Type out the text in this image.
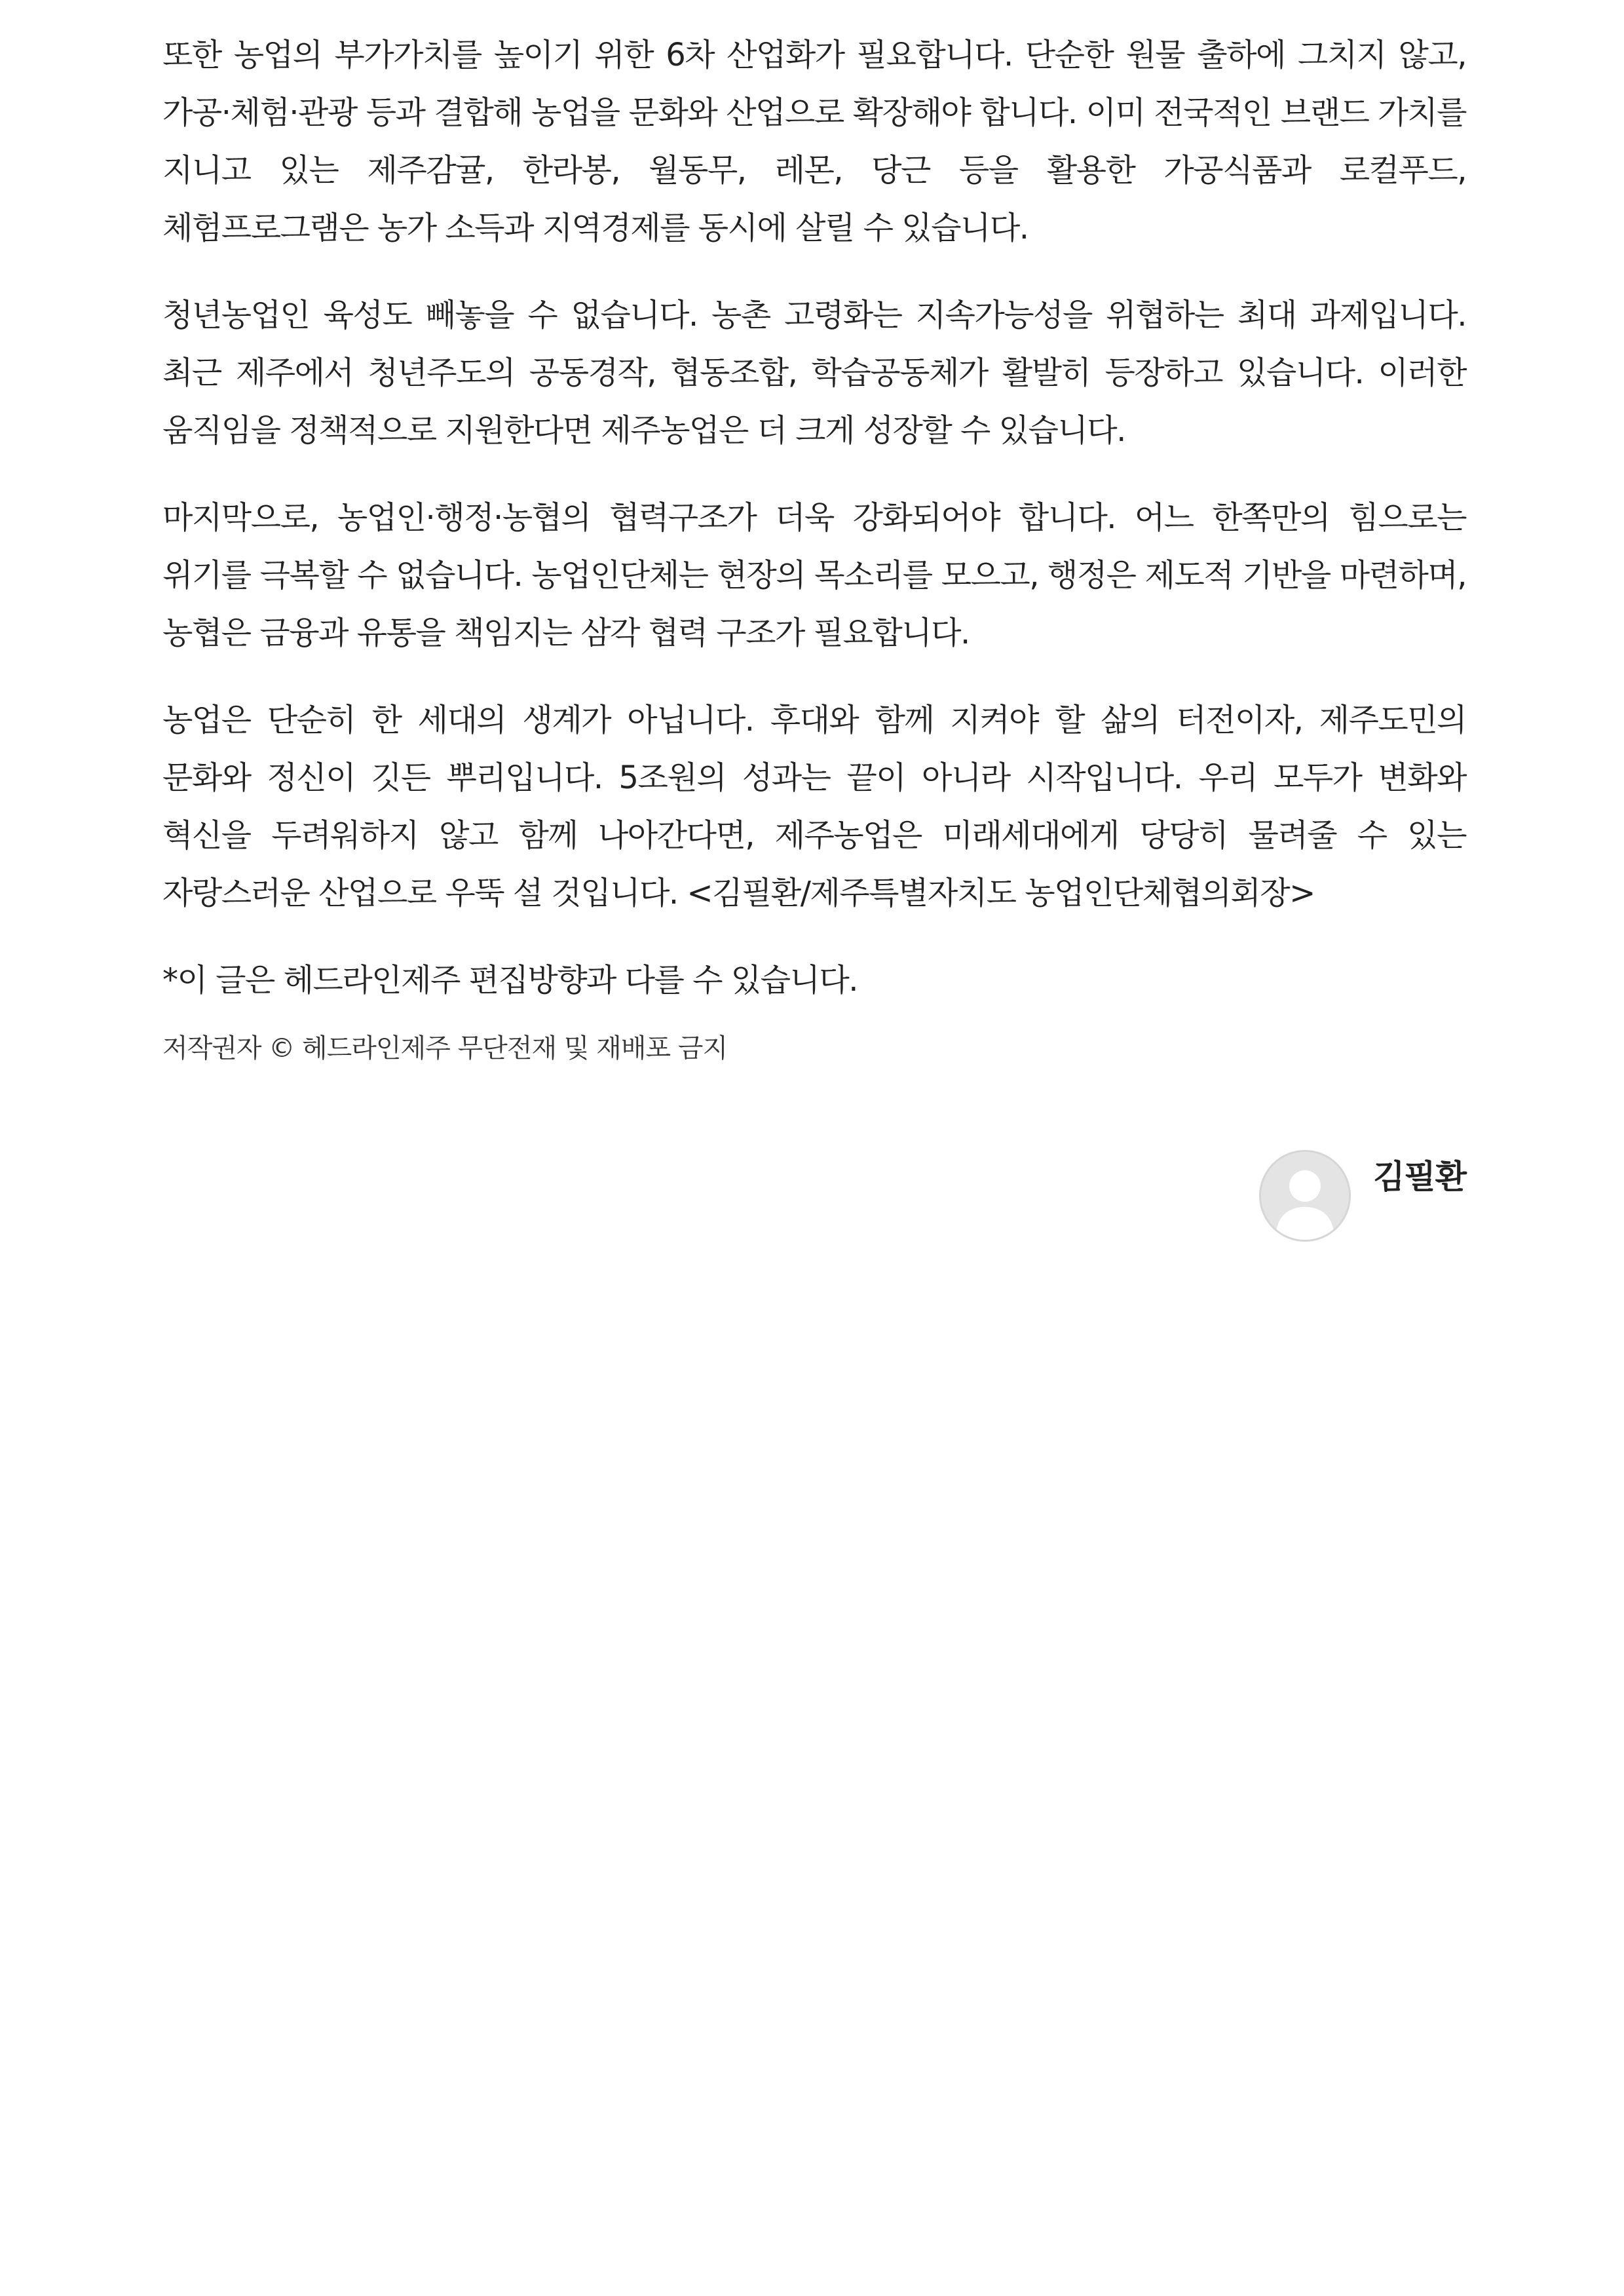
또한 농업의 부가가치를 높이기 위한 6차 산업화가 필요합니다. 단순한 원물 출하에 그치지 않고, 가공·체험·관광 등과 결합해 농업을 문화와 산업으로 확장해야 합니다. 이미 전국적인 브랜드 가치를 지니고 있는 제주감귤, 한라봉, 월동무, 레몬, 당근 등을 활용한 가공식품과 로컬푸드, 체험프로그램은 농가 소득과 지역경제를 동시에 살릴 수 있습니다.

청년농업인 육성도 빼놓을 수 없습니다. 농촌 고령화는 지속가능성을 위협하는 최대 과제입니다. 최근 제주에서 청년주도의 공동경작, 협동조합, 학습공동체가 활발히 등장하고 있습니다. 이러한 움직임을 정책적으로 지원한다면 제주농업은 더 크게 성장할 수 있습니다.

마지막으로, 농업인·행정·농협의 협력구조가 더욱 강화되어야 합니다. 어느 한쪽만의 힘으로는 위기를 극복할 수 없습니다. 농업인단체는 현장의 목소리를 모으고, 행정은 제도적 기반을 마련하며, 농협은 금융과 유통을 책임지는 삼각 협력 구조가 필요합니다.

농업은 단순히 한 세대의 생계가 아닙니다. 후대와 함께 지켜야 할 삶의 터전이자, 제주도민의 문화와 정신이 깃든 뿌리입니다. 5조원의 성과는 끝이 아니라 시작입니다. 우리 모두가 변화와 혁신을 두려워하지 않고 함께 나아간다면, 제주농업은 미래세대에게 당당히 물려줄 수 있는 자랑스러운 산업으로 우뚝 설 것입니다. <김필환/제주특별자치도 농업인단체협의회장>

*이 글은 헤드라인제주 편집방향과 다를 수 있습니다.

저작권자 © 헤드라인제주 무단전재 및 재배포 금지

김필환
